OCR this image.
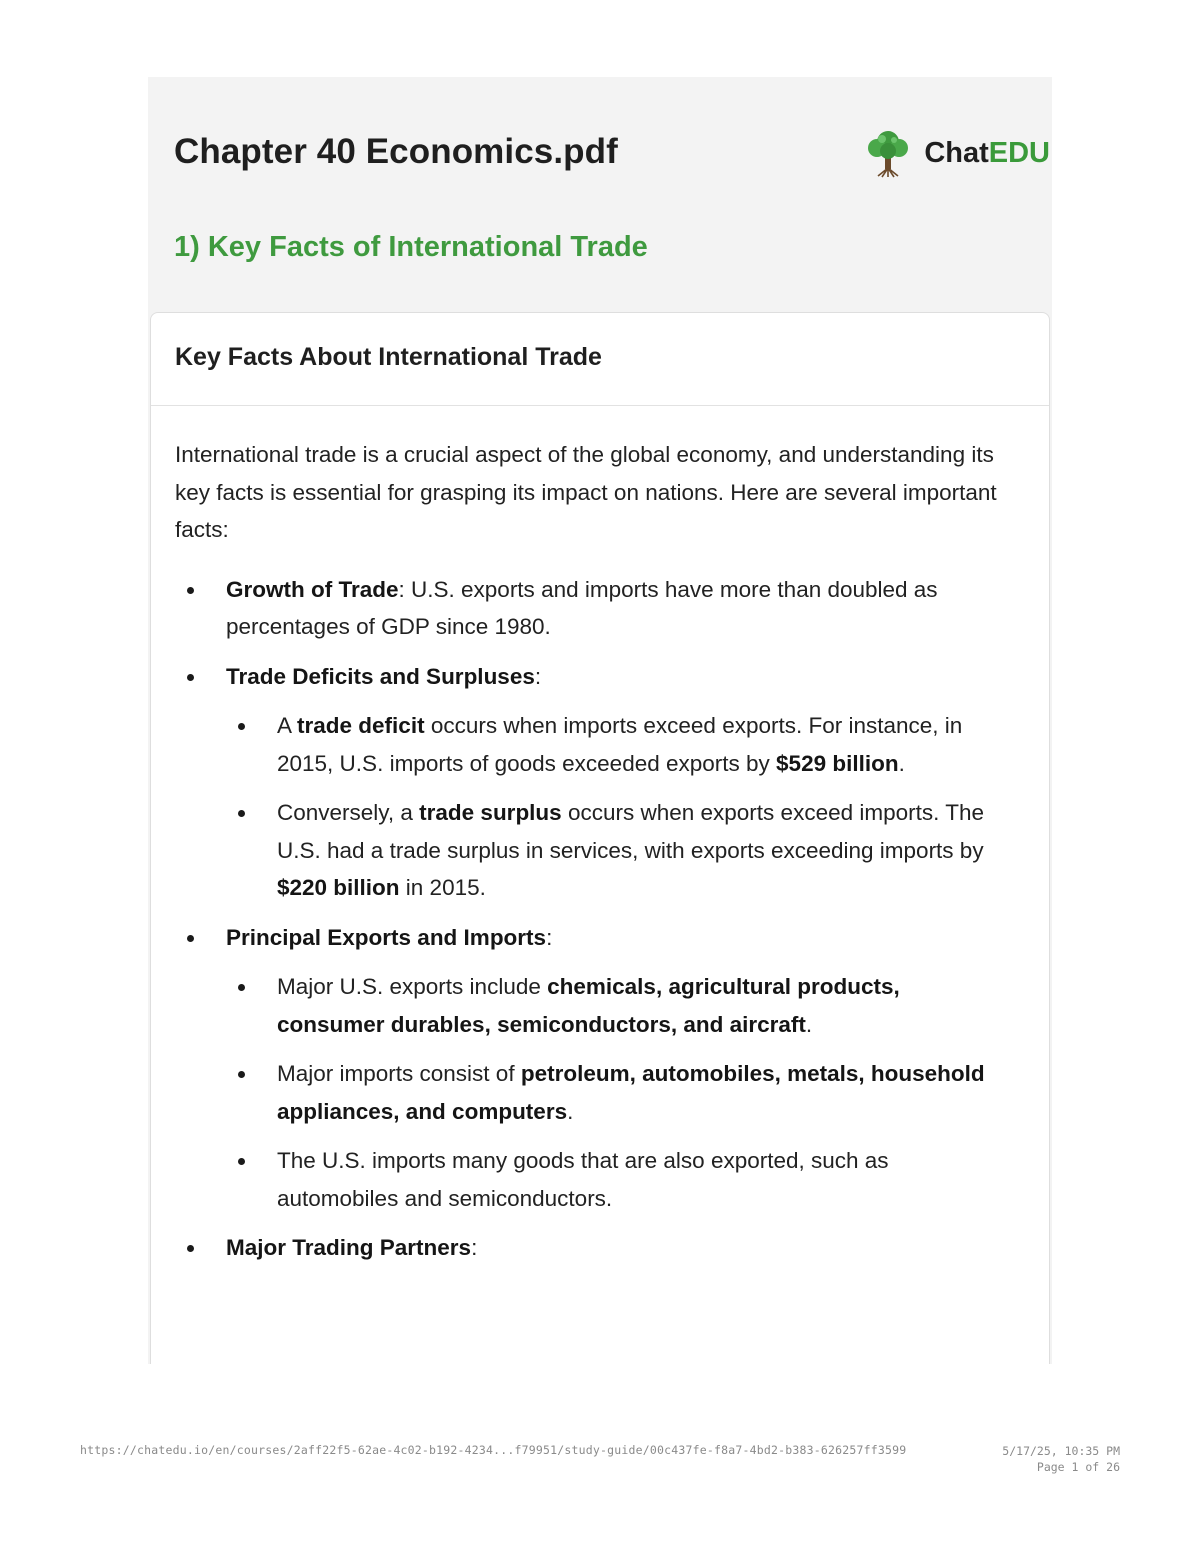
Chapter 40 Economics.pdf	ChatEDU
1) Key Facts of International Trade
Key Facts About International Trade

International trade is a crucial aspect of the global economy, and understanding its key facts is essential for grasping its impact on nations. Here are several important facts:

Growth of Trade: U.S. exports and imports have more than doubled as percentages of GDP since 1980.
Trade Deficits and Surpluses:
A trade deficit occurs when imports exceed exports. For instance, in 2015, U.S. imports of goods exceeded exports by $529 billion.
Conversely, a trade surplus occurs when exports exceed imports. The U.S. had a trade surplus in services, with exports exceeding imports by $220 billion in 2015.
Principal Exports and Imports:
Major U.S. exports include chemicals, agricultural products, consumer durables, semiconductors, and aircraft.
Major imports consist of petroleum, automobiles, metals, household appliances, and computers.
The U.S. imports many goods that are also exported, such as automobiles and semiconductors.
Major Trading Partners:
https://chatedu.io/en/courses/2aff22f5-62ae-4c02-b192-4234...f79951/study-guide/00c437fe-f8a7-4bd2-b383-626257ff3599	5/17/25, 10:35 PM
Page 1 of 26
